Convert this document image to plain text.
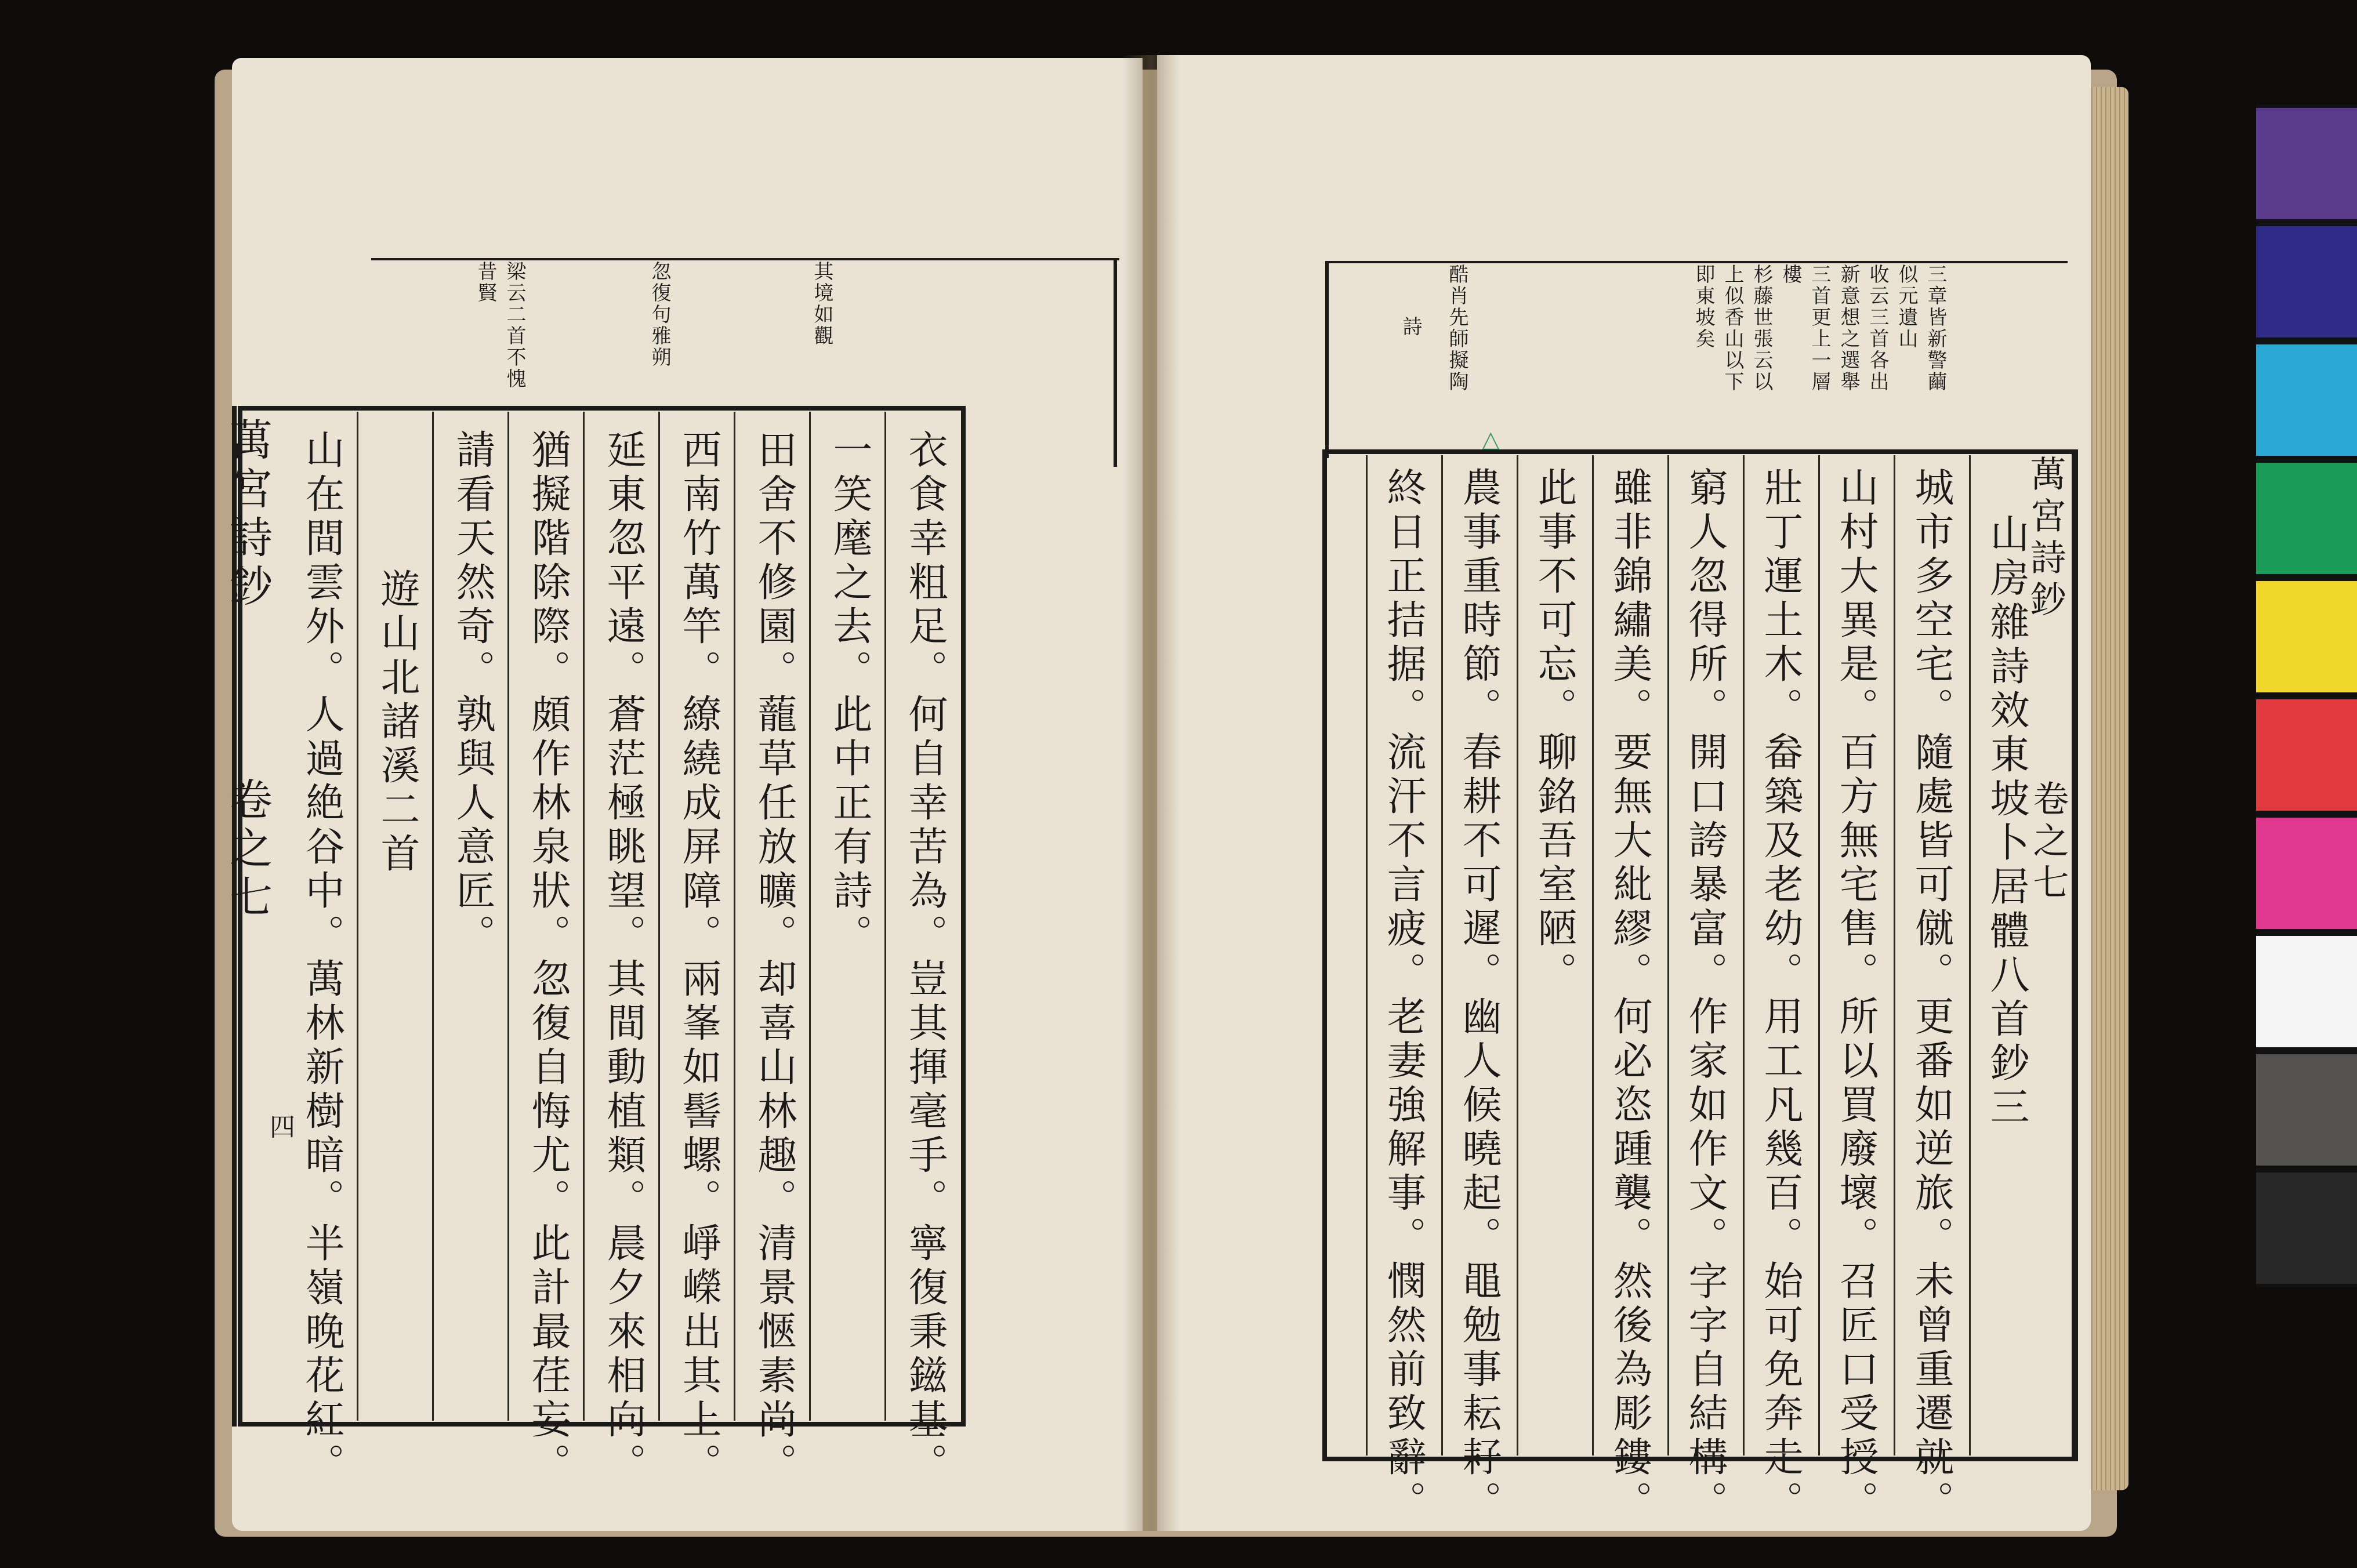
其境如觀
忽復句雅朔
梁云二首不愧
昔賢
衣食幸粗足。何自幸苦為。豈其揮毫手。寧復秉鎡基。
一笑麾之去。此中正有詩。
田舍不修園。蘢草任放曠。却喜山林趣。清景愜素尚。
西南竹萬竿。繚繞成屏障。兩峯如髻螺。崢嶸出其上。
延東忽平遠。蒼茫極眺望。其間動植類。晨夕來相向。
猶擬階除際。頗作林泉狀。忽復自悔尤。此計最荏妄。
請看天然奇。孰與人意匠。
遊山北諸溪二首
山在間雲外。人過絶谷中。萬林新樹暗。半嶺晚花紅。
萬宮詩鈔
卷之七
四
三章皆新警繭
似元遺山
收云三首各出
新意想之選舉
三首更上一層
樓
杉藤世張云以
上似香山以下
即東坡矣
酷肖先師擬陶
詩
△
山房雜詩效東坡卜居體八首鈔三
城市多空宅。隨處皆可僦。更番如逆旅。未曾重遷就。
山村大異是。百方無宅售。所以買廢壞。召匠口受授。
壯丁運土木。畚築及老幼。用工凡幾百。始可免奔走。
窮人忽得所。開口誇暴富。作家如作文。字字自結構。
雖非錦繡美。要無大紕繆。何必恣踵襲。然後為彫鏤。
此事不可忘。聊銘吾室陋。
農事重時節。春耕不可遲。幽人候曉起。黽勉事耘耔。
終日正拮据。流汗不言疲。老妻強解事。憫然前致辭。	萬宮詩鈔
卷之七
